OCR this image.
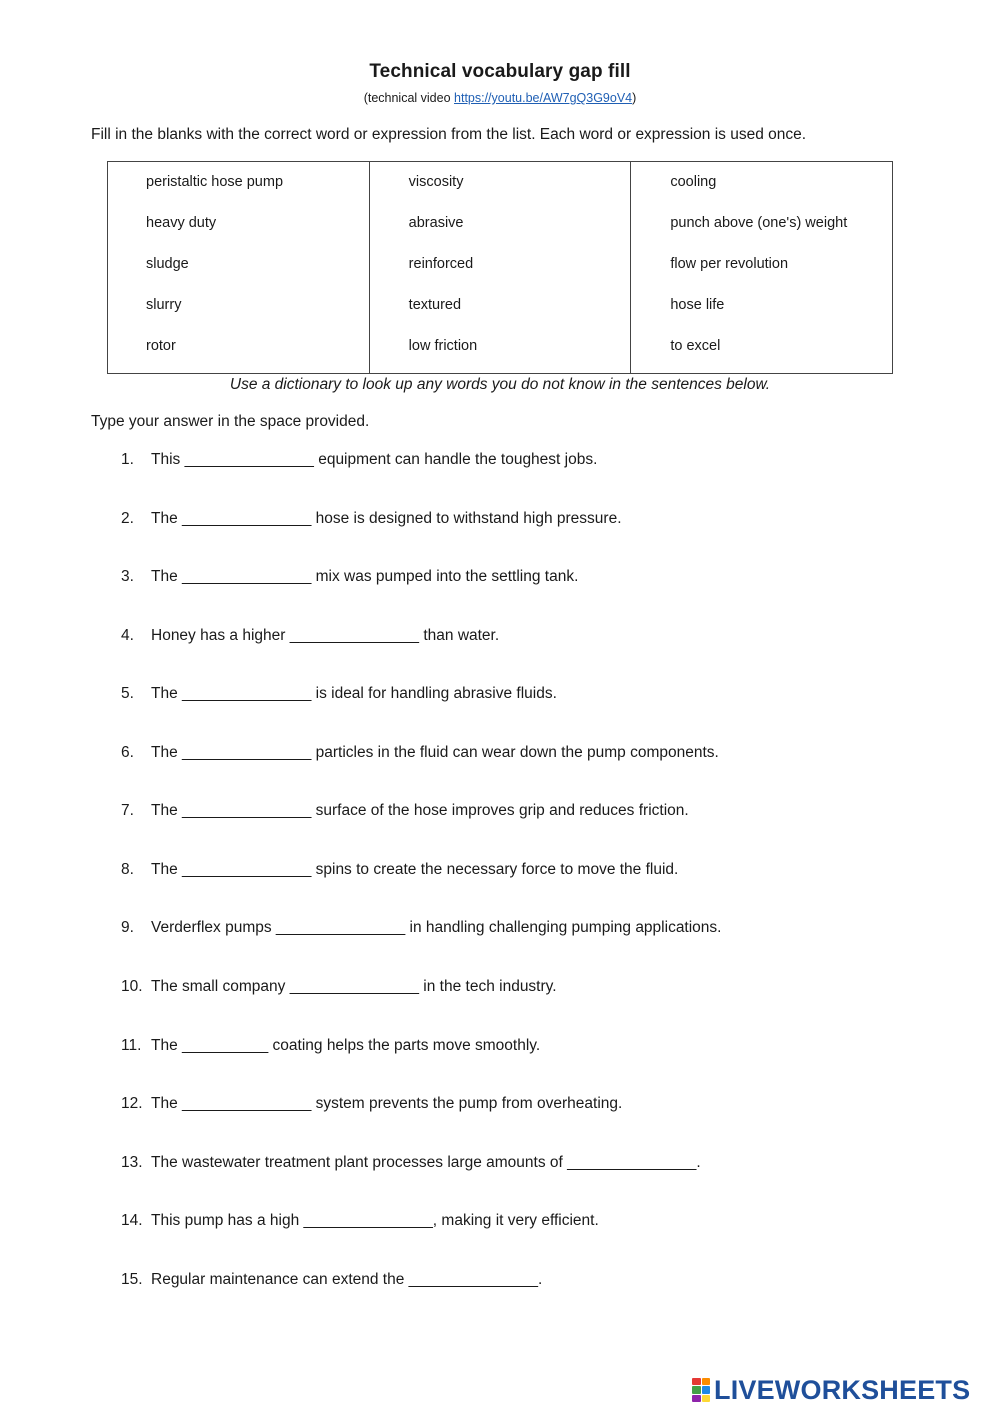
Technical vocabulary gap fill
(technical video https://youtu.be/AW7gQ3G9oV4)
Fill in the blanks with the correct word or expression from the list. Each word or expression is used once.
peristaltic hose pump
heavy duty
sludge
slurry
rotor
viscosity
abrasive
reinforced
textured
low friction
cooling
punch above (one's) weight
flow per revolution
hose life
to excel
Use a dictionary to look up any words you do not know in the sentences below.
Type your answer in the space provided.
1. This _______________ equipment can handle the toughest jobs.
2. The _______________ hose is designed to withstand high pressure.
3. The _______________ mix was pumped into the settling tank.
4. Honey has a higher _______________ than water.
5. The _______________ is ideal for handling abrasive fluids.
6. The _______________ particles in the fluid can wear down the pump components.
7. The _______________ surface of the hose improves grip and reduces friction.
8. The _______________ spins to create the necessary force to move the fluid.
9. Verderflex pumps _______________ in handling challenging pumping applications.
10. The small company _______________ in the tech industry.
11. The __________ coating helps the parts move smoothly.
12. The _______________ system prevents the pump from overheating.
13. The wastewater treatment plant processes large amounts of _______________.
14. This pump has a high _______________, making it very efficient.
15. Regular maintenance can extend the _______________.
LIVEWORKSHEETS
